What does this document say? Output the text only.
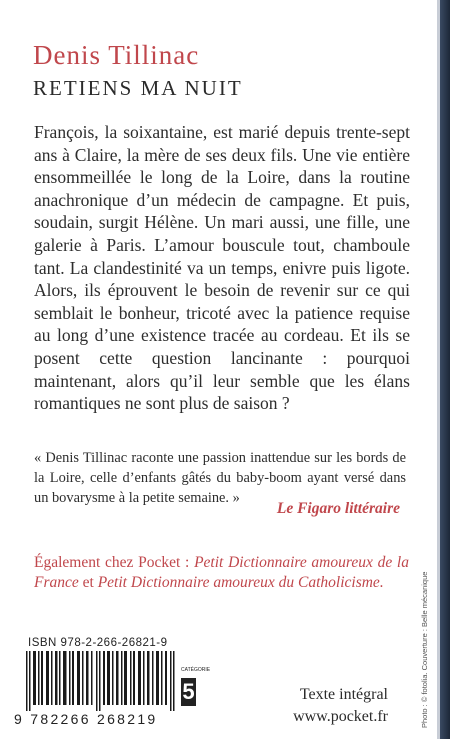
Denis Tillinac
RETIENS MA NUIT

François, la soixantaine, est marié depuis trente-sept ans à Claire, la mère de ses deux fils. Une vie entière ensommeillée le long de la Loire, dans la routine anachronique d’un médecin de campagne. Et puis, soudain, surgit Hélène. Un mari aussi, une fille, une galerie à Paris. L’amour bouscule tout, chamboule tant. La clandestinité va un temps, enivre puis ligote. Alors, ils éprouvent le besoin de revenir sur ce qui semblait le bonheur, tricoté avec la patience requise au long d’une existence tracée au cordeau. Et ils se posent cette question lancinante : pourquoi maintenant, alors qu’il leur semble que les élans romantiques ne sont plus de saison ?

« Denis Tillinac raconte une passion inattendue sur les bords de la Loire, celle d’enfants gâtés du baby-boom ayant versé dans un bovarysme à la petite semaine. »
Le Figaro littéraire
Également chez Pocket : Petit Dictionnaire amoureux de la France et Petit Dictionnaire amoureux du Catholicisme.
ISBN 978-2-266-26821-9
9 782266 268219
CATÉGORIE
5	Texte intégral
www.pocket.fr	Photo : © fotolia. Couverture : Belle mécanique
